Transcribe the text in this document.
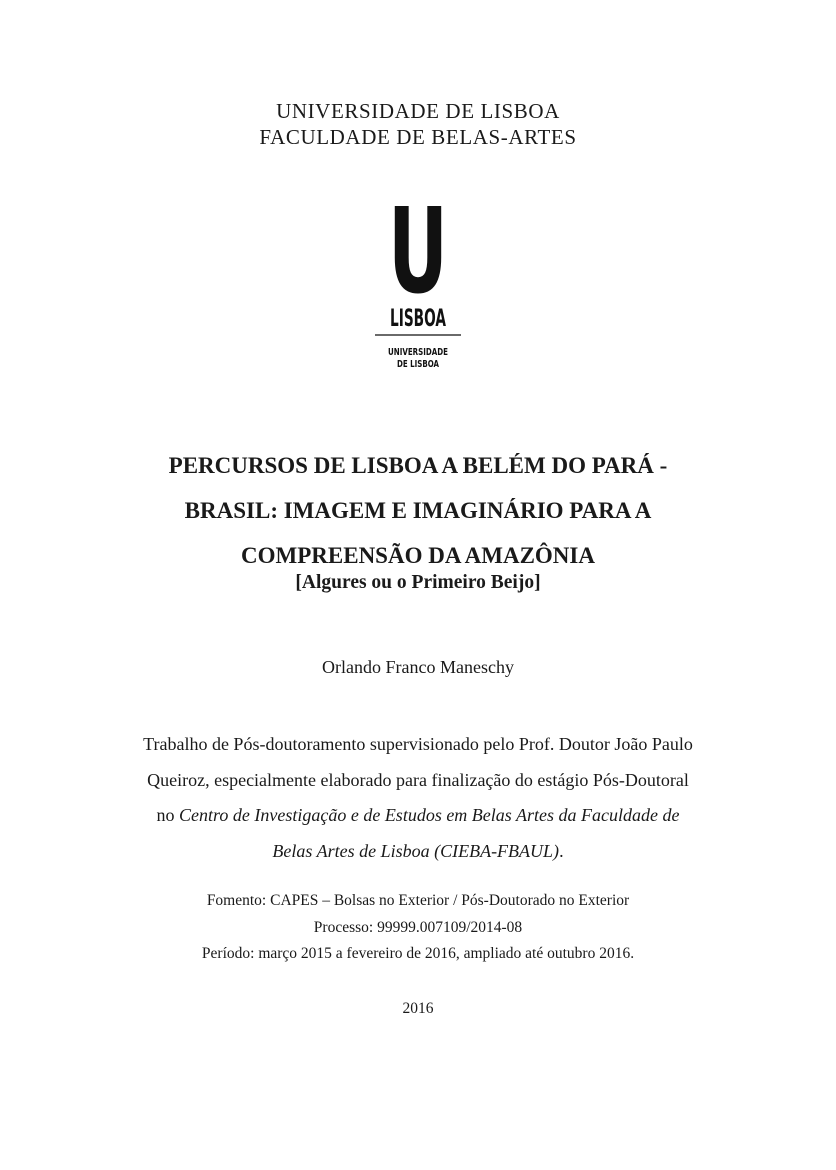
UNIVERSIDADE DE LISBOA
FACULDADE DE BELAS-ARTES
U
LISBOA
UNIVERSIDADE
DE LISBOA
PERCURSOS DE LISBOA A BELÉM DO PARÁ -
BRASIL: IMAGEM E IMAGINÁRIO PARA A
COMPREENSÃO DA AMAZÔNIA
[Algures ou o Primeiro Beijo]
Orlando Franco Maneschy
Trabalho de Pós-doutoramento supervisionado pelo Prof. Doutor João Paulo Queiroz, especialmente elaborado para finalização do estágio Pós-Doutoral no Centro de Investigação e de Estudos em Belas Artes da Faculdade de Belas Artes de Lisboa (CIEBA-FBAUL).
Fomento: CAPES – Bolsas no Exterior / Pós-Doutorado no Exterior
Processo: 99999.007109/2014-08
Período: março 2015 a fevereiro de 2016, ampliado até outubro 2016.
2016
